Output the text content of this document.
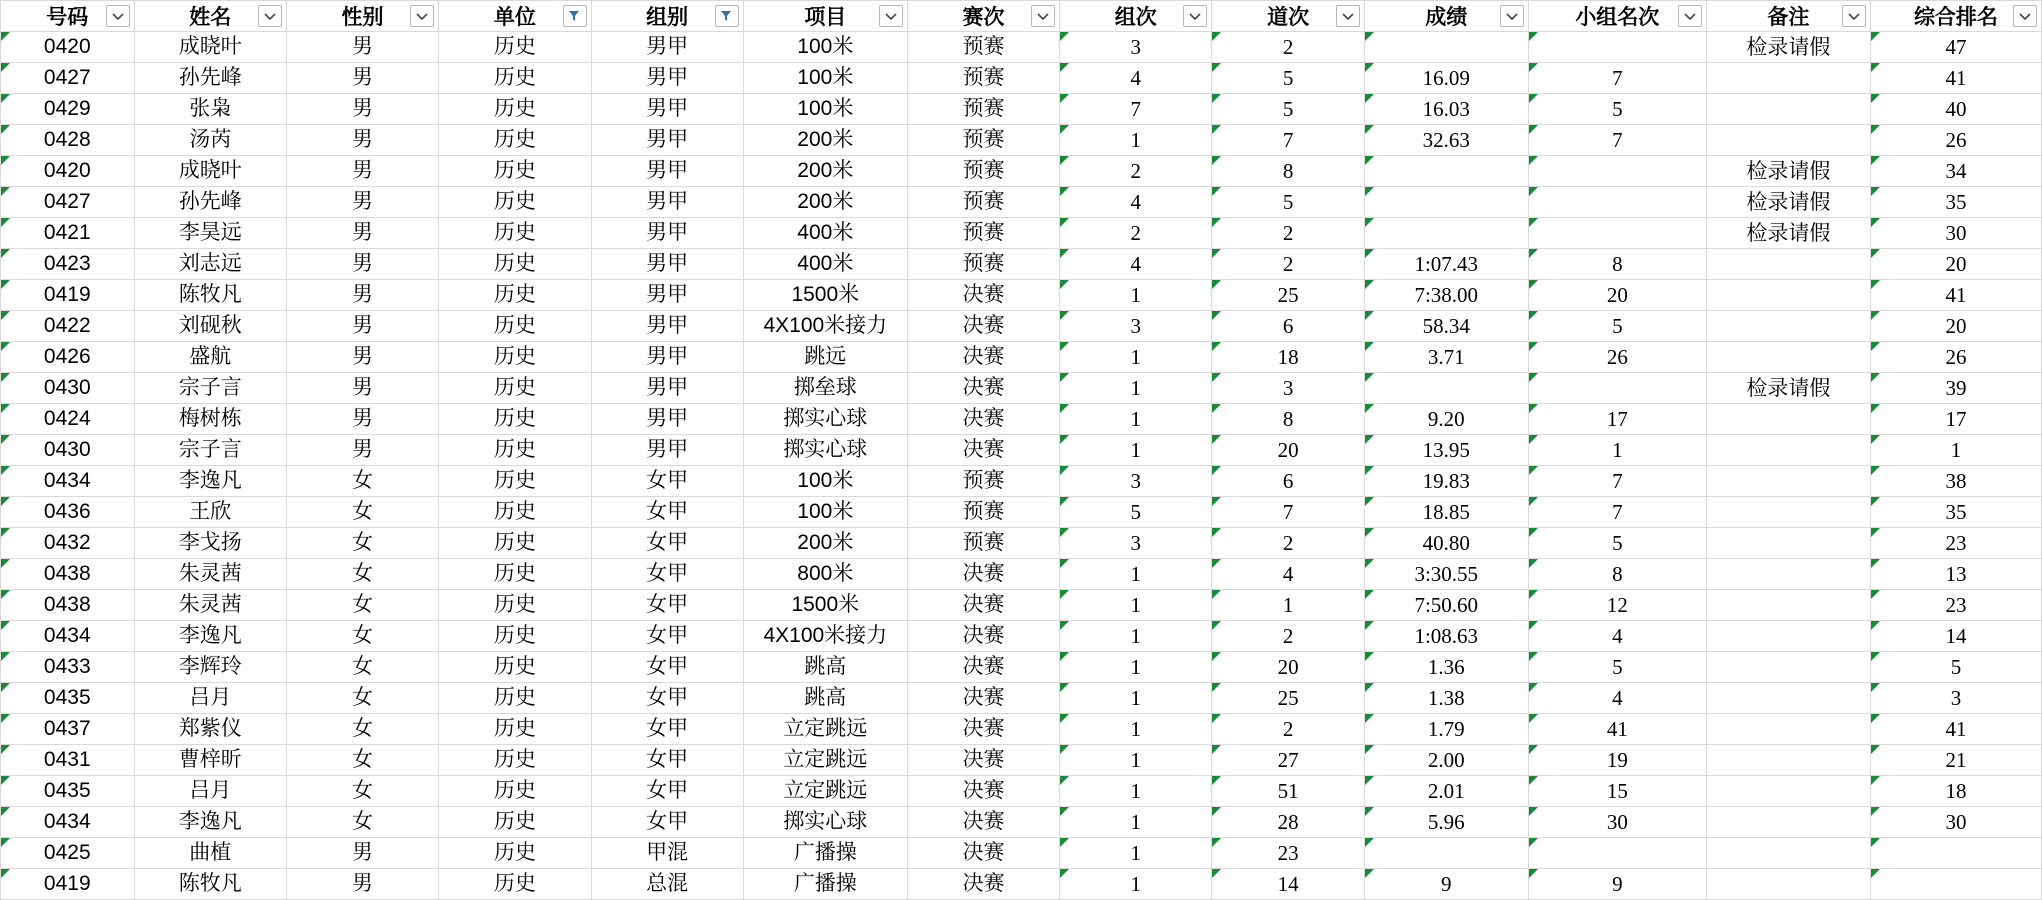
号码	姓名	性别	单位	组别	项目	赛次	组次	道次	成绩	小组名次	备注	综合排名

0420	成晓叶	男	历史	男甲	100米	预赛	3	2			检录请假	47
0427	孙先峰	男	历史	男甲	100米	预赛	4	5	16.09	7		41
0429	张枭	男	历史	男甲	100米	预赛	7	5	16.03	5		40
0428	汤芮	男	历史	男甲	200米	预赛	1	7	32.63	7		26
0420	成晓叶	男	历史	男甲	200米	预赛	2	8			检录请假	34
0427	孙先峰	男	历史	男甲	200米	预赛	4	5			检录请假	35
0421	李昊远	男	历史	男甲	400米	预赛	2	2			检录请假	30
0423	刘志远	男	历史	男甲	400米	预赛	4	2	1:07.43	8		20
0419	陈牧凡	男	历史	男甲	1500米	决赛	1	25	7:38.00	20		41
0422	刘砚秋	男	历史	男甲	4X100米接力	决赛	3	6	58.34	5		20
0426	盛航	男	历史	男甲	跳远	决赛	1	18	3.71	26		26
0430	宗子言	男	历史	男甲	掷垒球	决赛	1	3			检录请假	39
0424	梅树栋	男	历史	男甲	掷实心球	决赛	1	8	9.20	17		17
0430	宗子言	男	历史	男甲	掷实心球	决赛	1	20	13.95	1		1
0434	李逸凡	女	历史	女甲	100米	预赛	3	6	19.83	7		38
0436	王欣	女	历史	女甲	100米	预赛	5	7	18.85	7		35
0432	李戈扬	女	历史	女甲	200米	预赛	3	2	40.80	5		23
0438	朱灵茜	女	历史	女甲	800米	决赛	1	4	3:30.55	8		13
0438	朱灵茜	女	历史	女甲	1500米	决赛	1	1	7:50.60	12		23
0434	李逸凡	女	历史	女甲	4X100米接力	决赛	1	2	1:08.63	4		14
0433	李辉玲	女	历史	女甲	跳高	决赛	1	20	1.36	5		5
0435	吕月	女	历史	女甲	跳高	决赛	1	25	1.38	4		3
0437	郑紫仪	女	历史	女甲	立定跳远	决赛	1	2	1.79	41		41
0431	曹梓昕	女	历史	女甲	立定跳远	决赛	1	27	2.00	19		21
0435	吕月	女	历史	女甲	立定跳远	决赛	1	51	2.01	15		18
0434	李逸凡	女	历史	女甲	掷实心球	决赛	1	28	5.96	30		30
0425	曲植	男	历史	甲混	广播操	决赛	1	23				
0419	陈牧凡	男	历史	总混	广播操	决赛	1	14	9	9		
